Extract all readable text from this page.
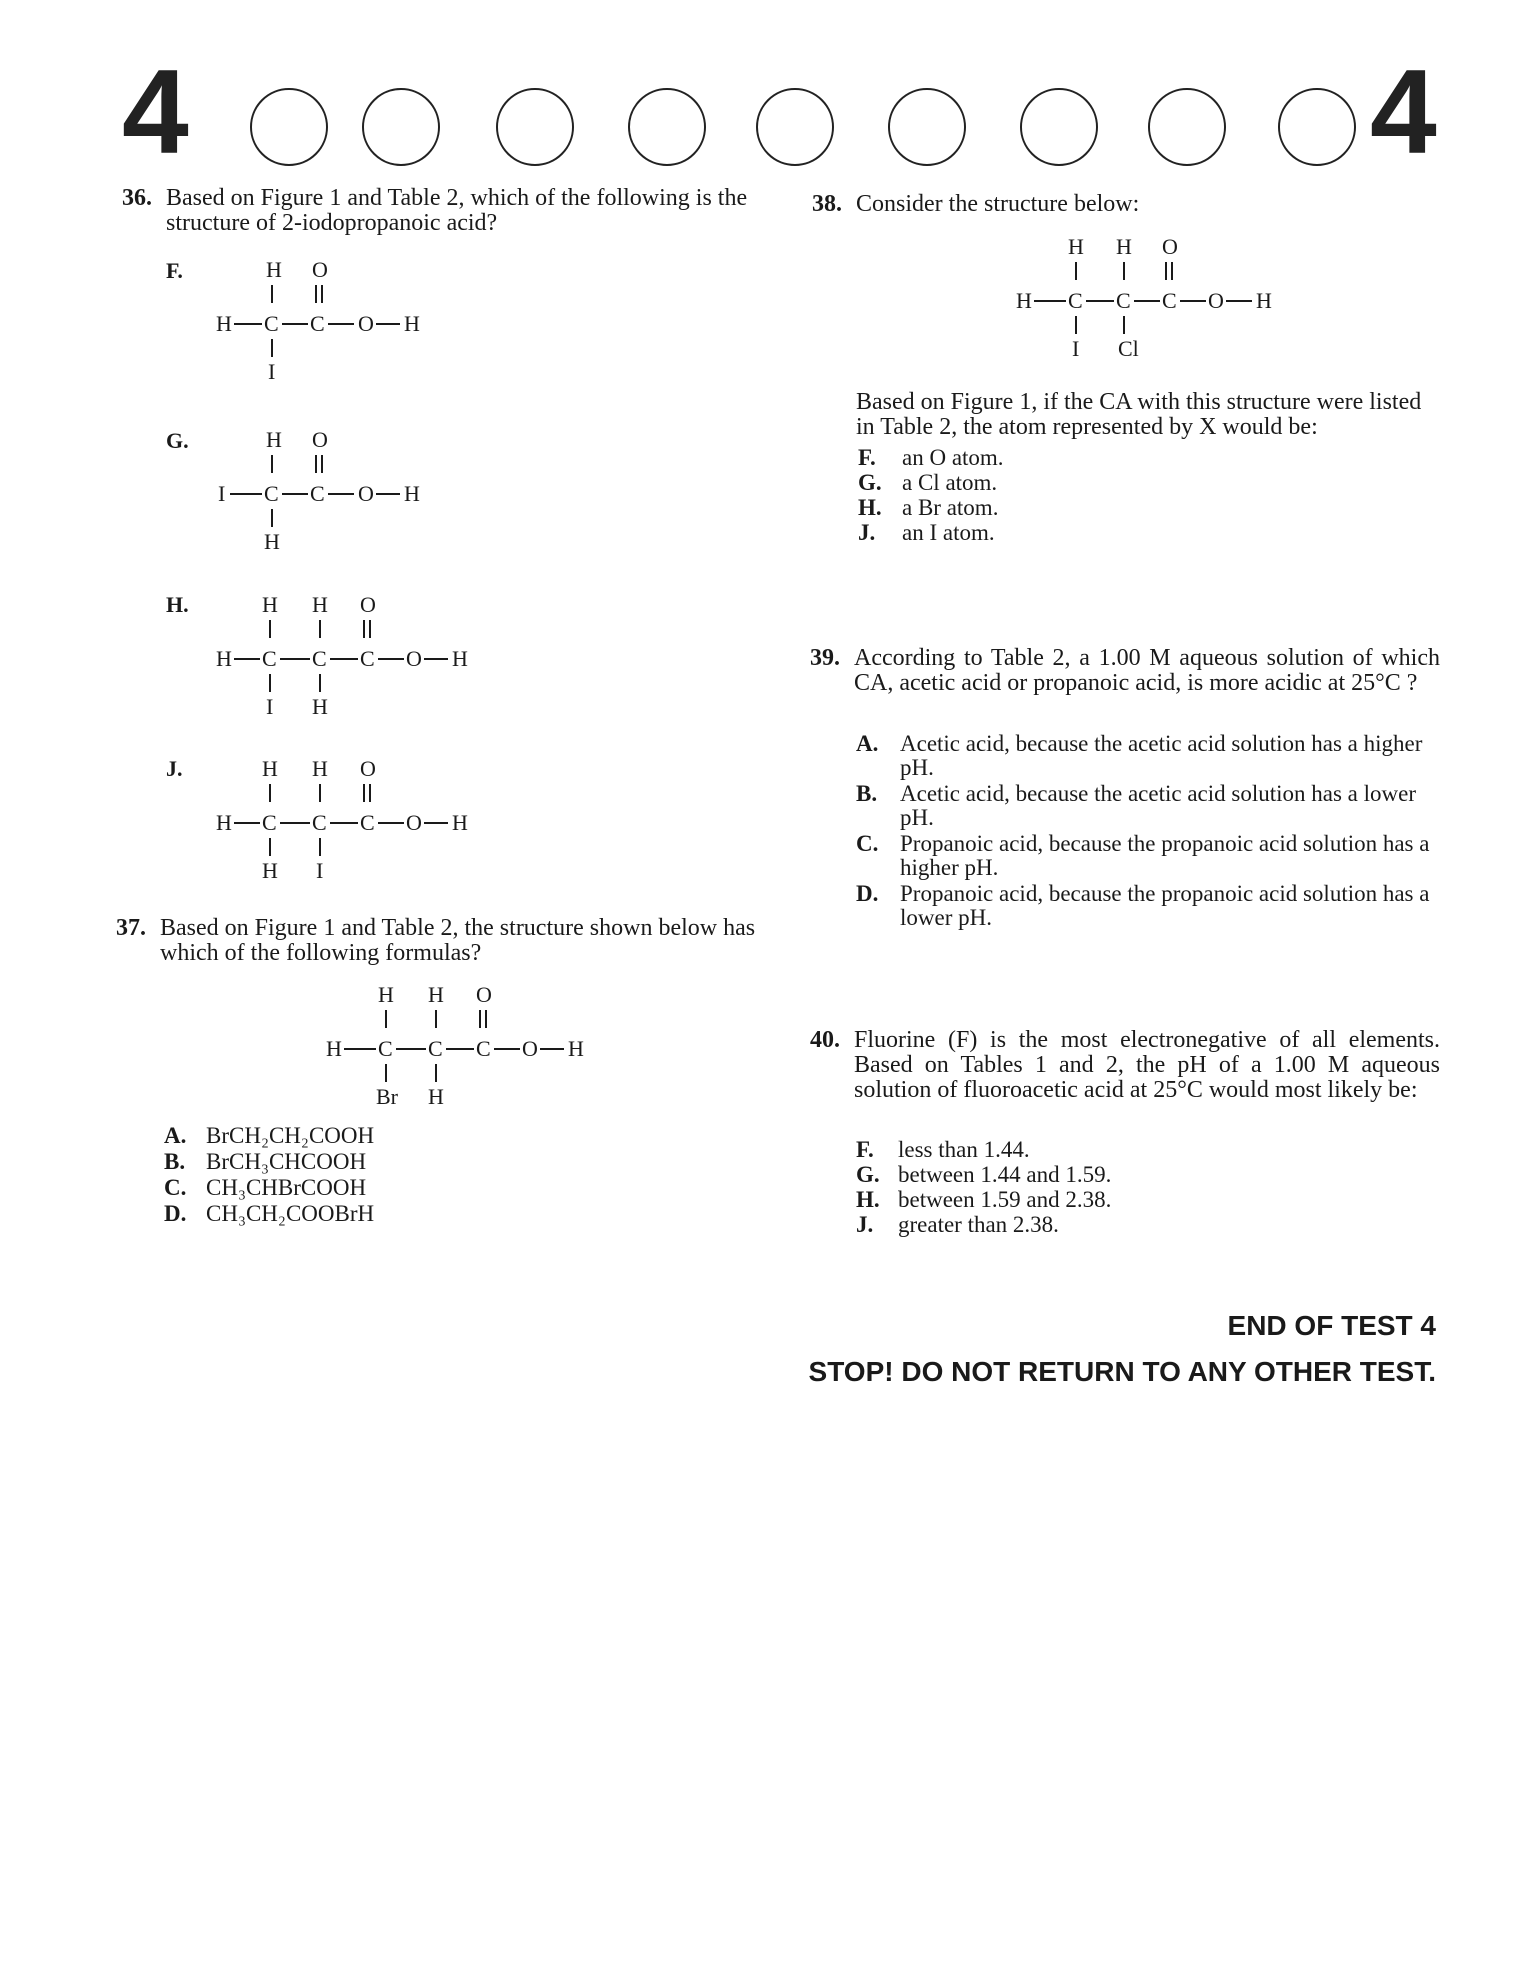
4	4
36. Based on Figure 1 and Table 2, which of the following is the structure of 2-iodopropanoic acid?
F.	H O
H C C O H
I
G.	H O
I C C O H
H
H.	H H O
H C C C O H
I H
J.	H H O
H C C C O H
H I
37. Based on Figure 1 and Table 2, the structure shown below has which of the following formulas?
H H O
H C C C O H
Br H
A. BrCH₂CH₂COOH
B. BrCH₃CHCOOH
C. CH₃CHBrCOOH
D. CH₃CH₂COOBrH
38. Consider the structure below:
H H O
H C C C O H
I Cl
Based on Figure 1, if the CA with this structure were listed in Table 2, the atom represented by X would be:
F. an O atom.
G. a Cl atom.
H. a Br atom.
J. an I atom.
39. According to Table 2, a 1.00 M aqueous solution of which CA, acetic acid or propanoic acid, is more acidic at 25°C ?
A. Acetic acid, because the acetic acid solution has a higher pH.
B. Acetic acid, because the acetic acid solution has a lower pH.
C. Propanoic acid, because the propanoic acid solution has a higher pH.
D. Propanoic acid, because the propanoic acid solution has a lower pH.
40. Fluorine (F) is the most electronegative of all elements. Based on Tables 1 and 2, the pH of a 1.00 M aqueous solution of fluoroacetic acid at 25°C would most likely be:
F. less than 1.44.
G. between 1.44 and 1.59.
H. between 1.59 and 2.38.
J. greater than 2.38.
END OF TEST 4
STOP! DO NOT RETURN TO ANY OTHER TEST.
